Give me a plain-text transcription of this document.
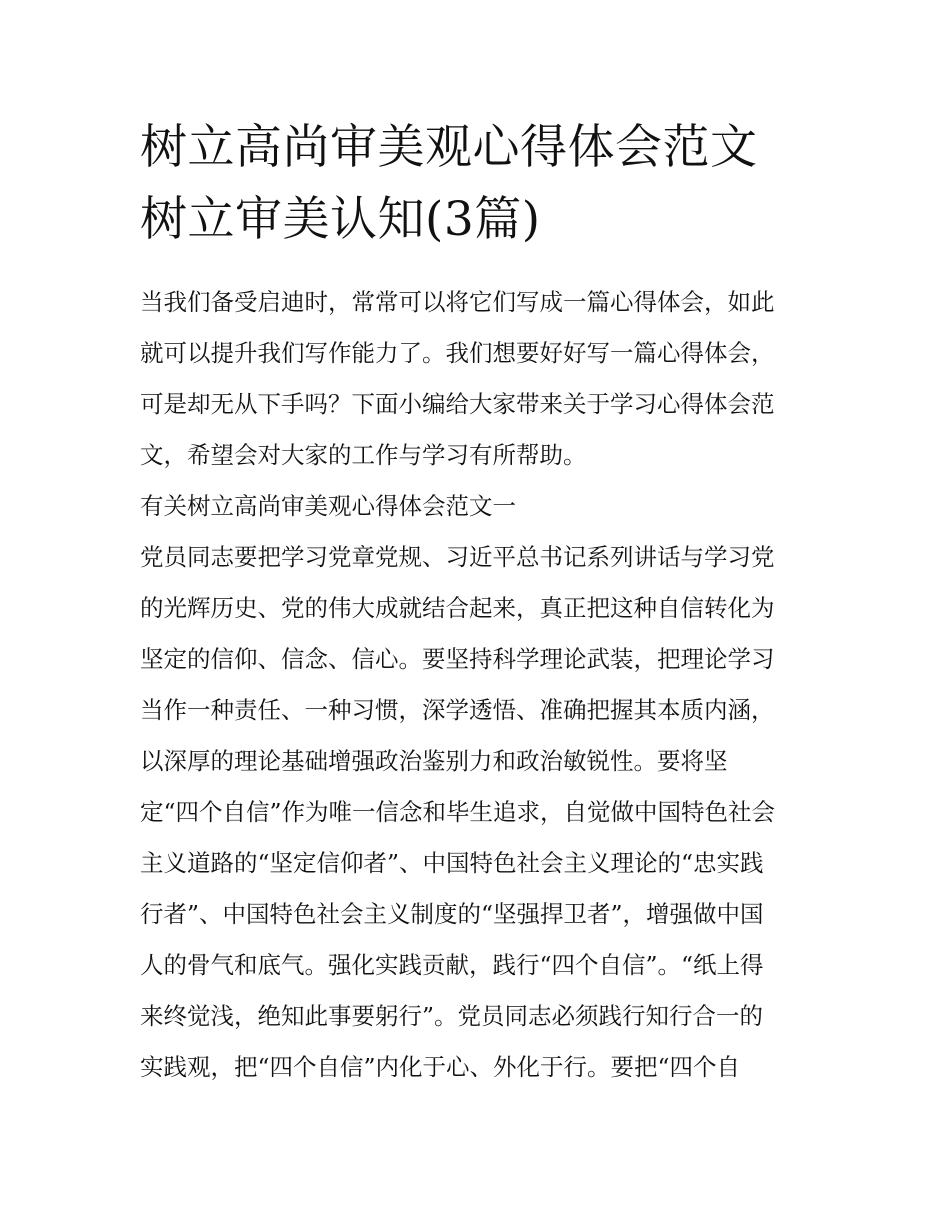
树立高尚审美观心得体会范文
树立审美认知(3篇)
当我们备受启迪时，常常可以将它们写成一篇心得体会，如此
就可以提升我们写作能力了。我们想要好好写一篇心得体会，
可是却无从下手吗？下面小编给大家带来关于学习心得体会范
文，希望会对大家的工作与学习有所帮助。
有关树立高尚审美观心得体会范文一
党员同志要把学习党章党规、习近平总书记系列讲话与学习党
的光辉历史、党的伟大成就结合起来，真正把这种自信转化为
坚定的信仰、信念、信心。要坚持科学理论武装，把理论学习
当作一种责任、一种习惯，深学透悟、准确把握其本质内涵，
以深厚的理论基础增强政治鉴别力和政治敏锐性。要将坚
定“四个自信”作为唯一信念和毕生追求，自觉做中国特色社会
主义道路的“坚定信仰者”、中国特色社会主义理论的“忠实践
行者”、中国特色社会主义制度的“坚强捍卫者”，增强做中国
人的骨气和底气。强化实践贡献，践行“四个自信”。“纸上得
来终觉浅，绝知此事要躬行”。党员同志必须践行知行合一的
实践观，把“四个自信”内化于心、外化于行。要把“四个自
